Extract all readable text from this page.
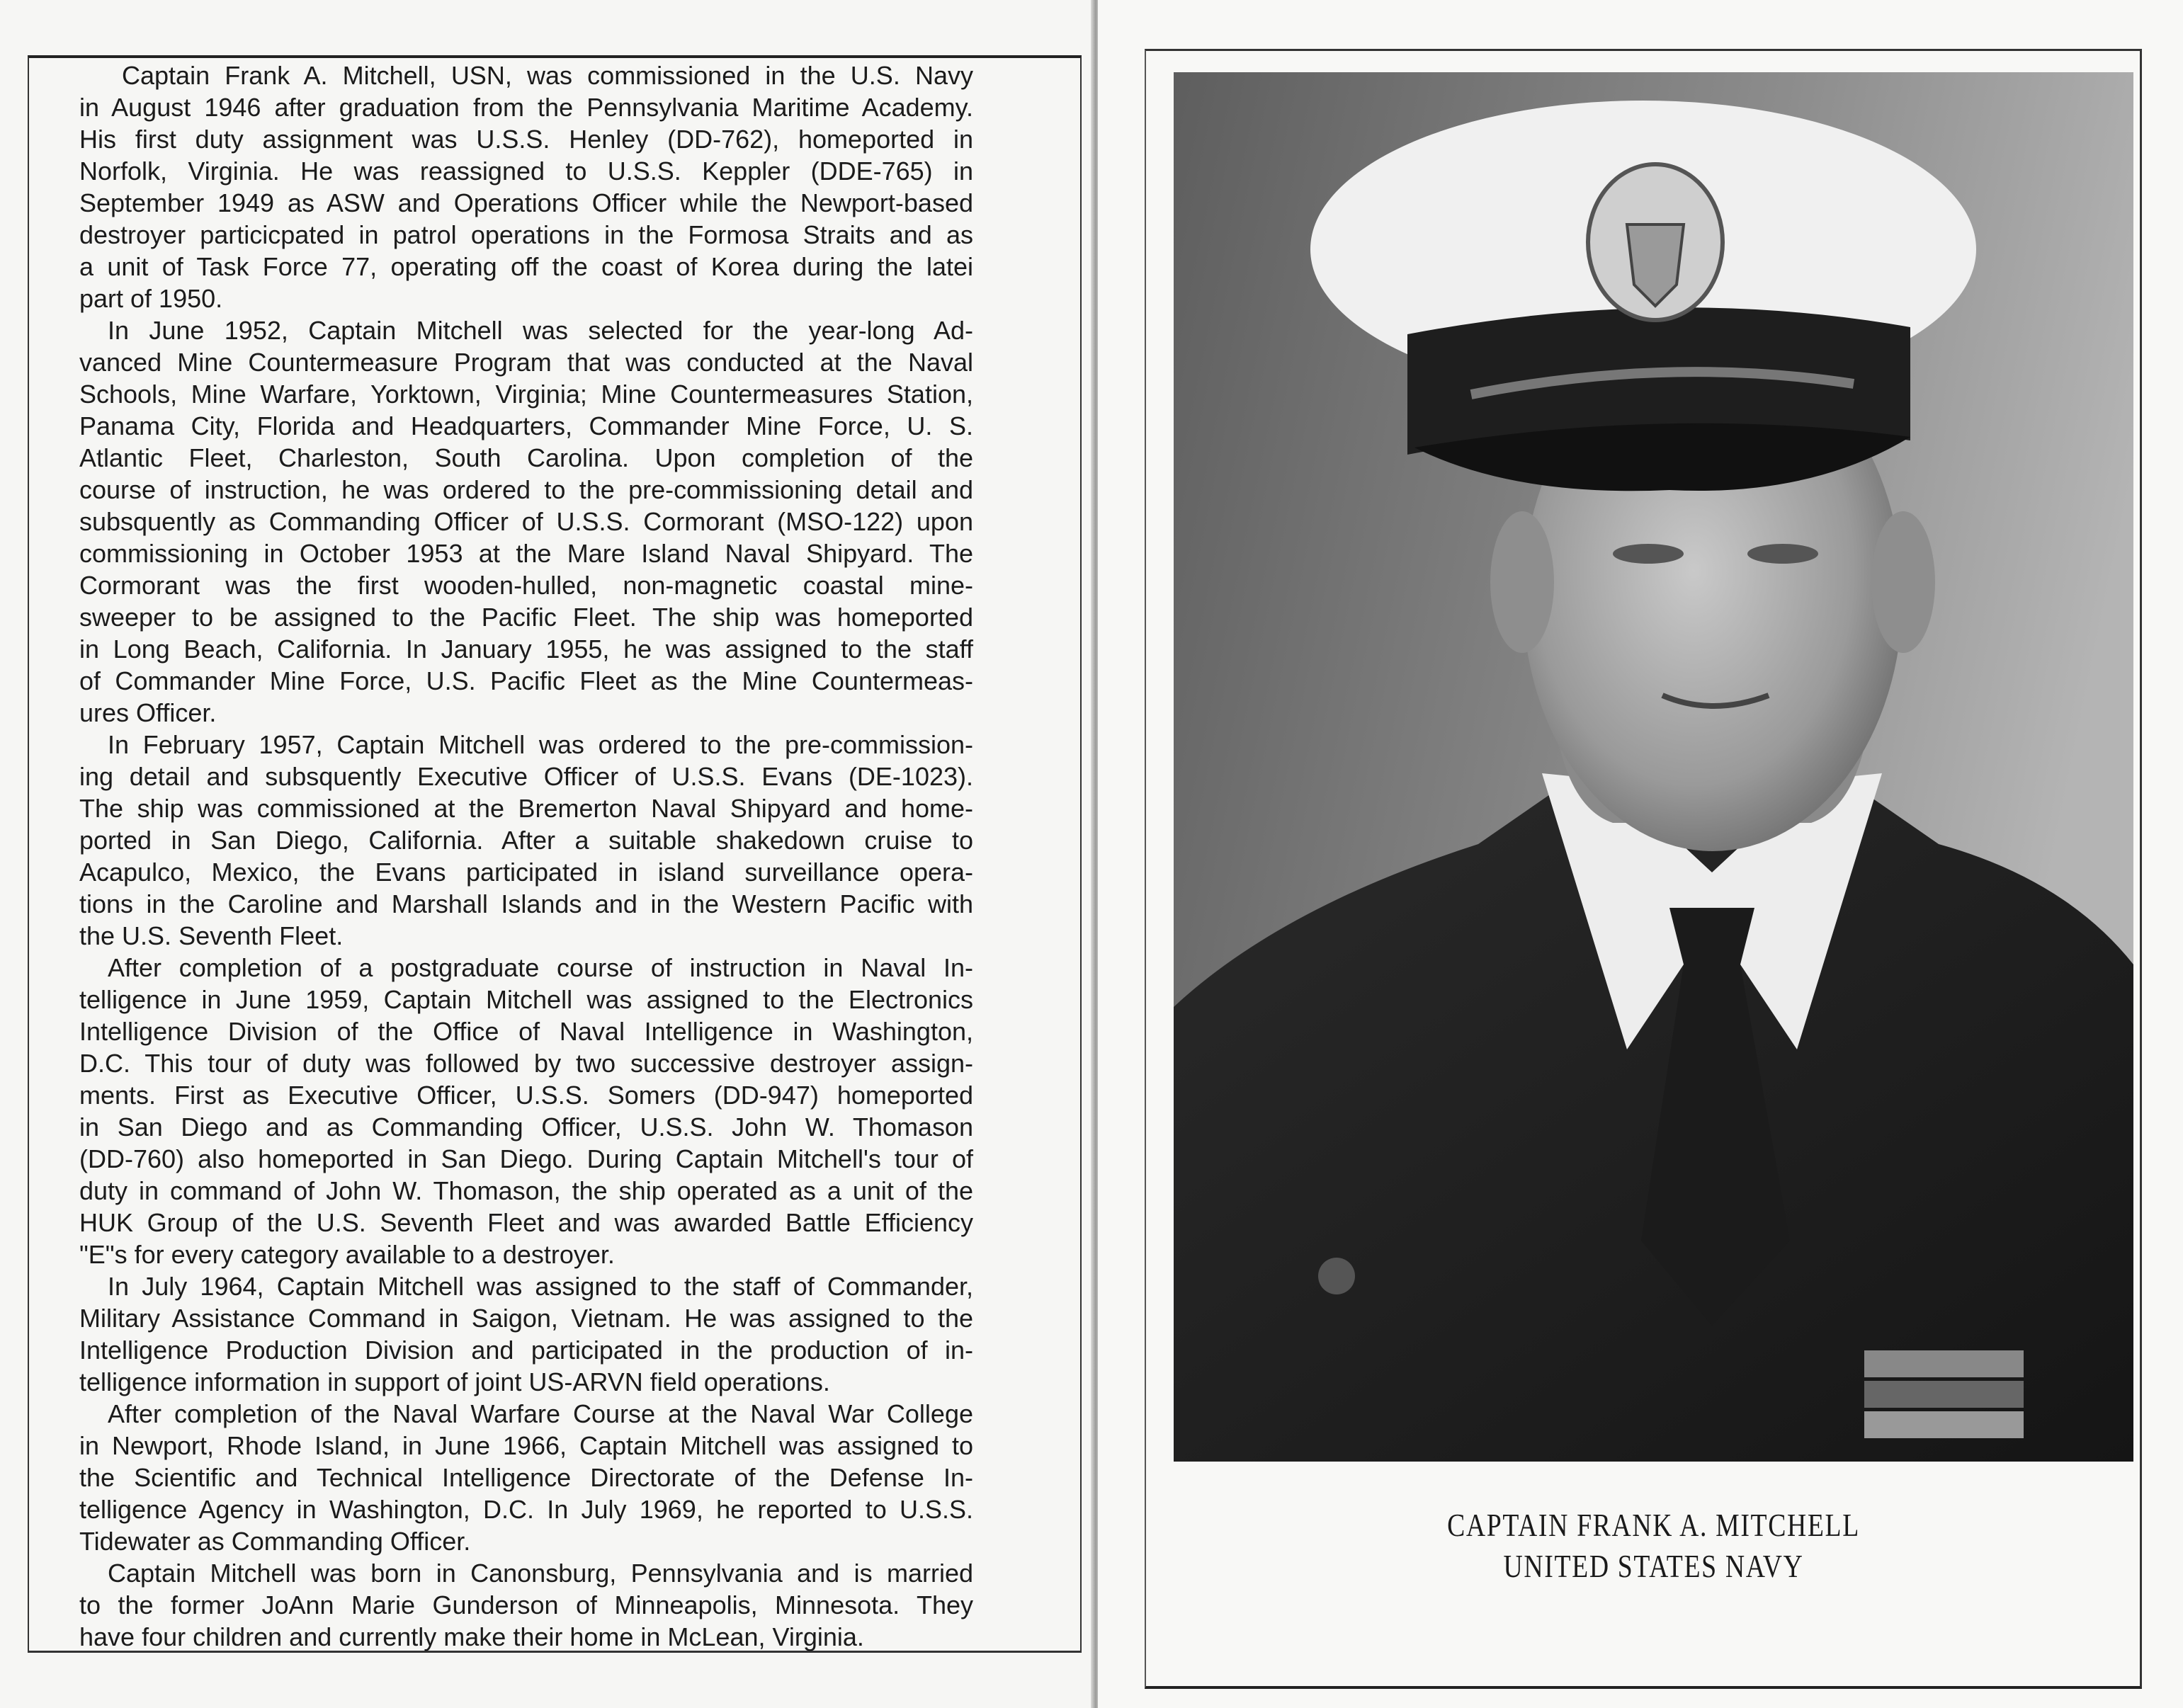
Captain Frank A. Mitchell, USN, was commissioned in the U.S. Navy
in August 1946 after graduation from the Pennsylvania Maritime Academy.
His first duty assignment was U.S.S. Henley (DD-762), homeported in
Norfolk, Virginia. He was reassigned to U.S.S. Keppler (DDE-765) in
September 1949 as ASW and Operations Officer while the Newport-based
destroyer particicpated in patrol operations in the Formosa Straits and as
a unit of Task Force 77, operating off the coast of Korea during the latei
part of 1950.
In June 1952, Captain Mitchell was selected for the year-long Ad-
vanced Mine Countermeasure Program that was conducted at the Naval
Schools, Mine Warfare, Yorktown, Virginia; Mine Countermeasures Station,
Panama City, Florida and Headquarters, Commander Mine Force, U. S.
Atlantic Fleet, Charleston, South Carolina. Upon completion of the
course of instruction, he was ordered to the pre-commissioning detail and
subsquently as Commanding Officer of U.S.S. Cormorant (MSO-122) upon
commissioning in October 1953 at the Mare Island Naval Shipyard. The
Cormorant was the first wooden-hulled, non-magnetic coastal mine-
sweeper to be assigned to the Pacific Fleet. The ship was homeported
in Long Beach, California. In January 1955, he was assigned to the staff
of Commander Mine Force, U.S. Pacific Fleet as the Mine Countermeas-
ures Officer.
In February 1957, Captain Mitchell was ordered to the pre-commission-
ing detail and subsquently Executive Officer of U.S.S. Evans (DE-1023).
The ship was commissioned at the Bremerton Naval Shipyard and home-
ported in San Diego, California. After a suitable shakedown cruise to
Acapulco, Mexico, the Evans participated in island surveillance opera-
tions in the Caroline and Marshall Islands and in the Western Pacific with
the U.S. Seventh Fleet.
After completion of a postgraduate course of instruction in Naval In-
telligence in June 1959, Captain Mitchell was assigned to the Electronics
Intelligence Division of the Office of Naval Intelligence in Washington,
D.C. This tour of duty was followed by two successive destroyer assign-
ments. First as Executive Officer, U.S.S. Somers (DD-947) homeported
in San Diego and as Commanding Officer, U.S.S. John W. Thomason
(DD-760) also homeported in San Diego. During Captain Mitchell's tour of
duty in command of John W. Thomason, the ship operated as a unit of the
HUK Group of the U.S. Seventh Fleet and was awarded Battle Efficiency
"E"s for every category available to a destroyer.
In July 1964, Captain Mitchell was assigned to the staff of Commander,
Military Assistance Command in Saigon, Vietnam. He was assigned to the
Intelligence Production Division and participated in the production of in-
telligence information in support of joint US-ARVN field operations.
After completion of the Naval Warfare Course at the Naval War College
in Newport, Rhode Island, in June 1966, Captain Mitchell was assigned to
the Scientific and Technical Intelligence Directorate of the Defense In-
telligence Agency in Washington, D.C. In July 1969, he reported to U.S.S.
Tidewater as Commanding Officer.
Captain Mitchell was born in Canonsburg, Pennsylvania and is married
to the former JoAnn Marie Gunderson of Minneapolis, Minnesota. They
have four children and currently make their home in McLean, Virginia.
CAPTAIN FRANK A. MITCHELL
UNITED STATES NAVY
